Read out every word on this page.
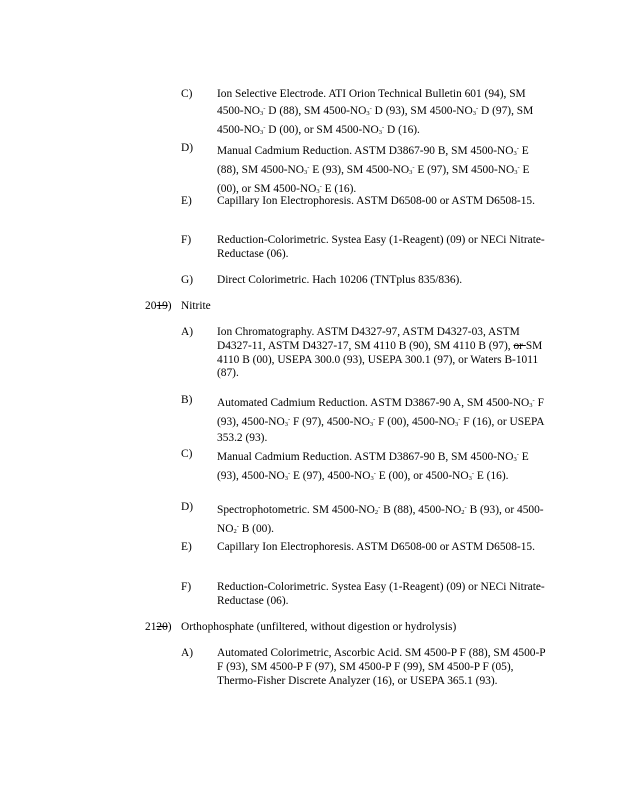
C)	Ion Selective Electrode. ATI Orion Technical Bulletin 601 (94), SM 4500-NO3- D (88), SM 4500-NO3- D (93), SM 4500-NO3- D (97), SM 4500-NO3- D (00), or SM 4500-NO3- D (16).
D)	Manual Cadmium Reduction. ASTM D3867-90 B, SM 4500-NO3- E (88), SM 4500-NO3- E (93), SM 4500-NO3- E (97), SM 4500-NO3- E (00), or SM 4500-NO3- E (16).
E)	Capillary Ion Electrophoresis. ASTM D6508-00 or ASTM D6508-15.
F)	Reduction-Colorimetric. Systea Easy (1-Reagent) (09) or NECi Nitrate-Reductase (06).
G)	Direct Colorimetric. Hach 10206 (TNTplus 835/836).
2019) Nitrite
A)	Ion Chromatography. ASTM D4327-97, ASTM D4327-03, ASTM D4327-11, ASTM D4327-17, SM 4110 B (90), SM 4110 B (97), or SM 4110 B (00), USEPA 300.0 (93), USEPA 300.1 (97), or Waters B-1011 (87).
B)	Automated Cadmium Reduction. ASTM D3867-90 A, SM 4500-NO3- F (93), 4500-NO3- F (97), 4500-NO3- F (00), 4500-NO3- F (16), or USEPA 353.2 (93).
C)	Manual Cadmium Reduction. ASTM D3867-90 B, SM 4500-NO3- E (93), 4500-NO3- E (97), 4500-NO3- E (00), or 4500-NO3- E (16).
D)	Spectrophotometric. SM 4500-NO2- B (88), 4500-NO2- B (93), or 4500-NO2- B (00).
E)	Capillary Ion Electrophoresis. ASTM D6508-00 or ASTM D6508-15.
F)	Reduction-Colorimetric. Systea Easy (1-Reagent) (09) or NECi Nitrate-Reductase (06).
2120) Orthophosphate (unfiltered, without digestion or hydrolysis)
A)	Automated Colorimetric, Ascorbic Acid. SM 4500-P F (88), SM 4500-P F (93), SM 4500-P F (97), SM 4500-P F (99), SM 4500-P F (05), Thermo-Fisher Discrete Analyzer (16), or USEPA 365.1 (93).
